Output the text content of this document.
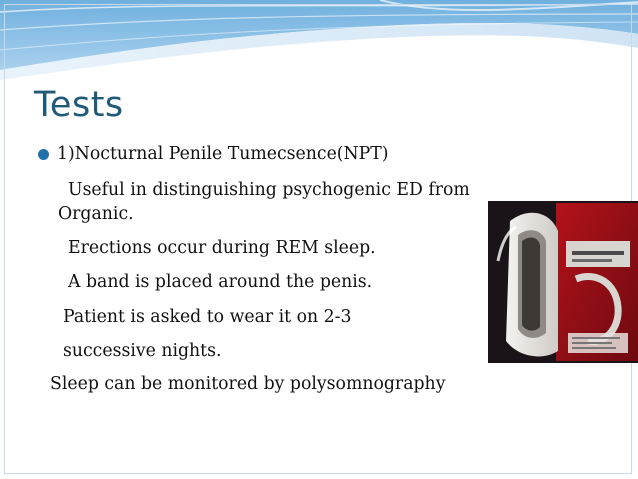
Tests
1)Nocturnal Penile Tumecsence(NPT)
Useful in distinguishing psychogenic ED from
Organic.
Erections occur during REM sleep.
A band is placed around the penis.
Patient is asked to wear it on 2-3
successive nights.
Sleep can be monitored by polysomnography
